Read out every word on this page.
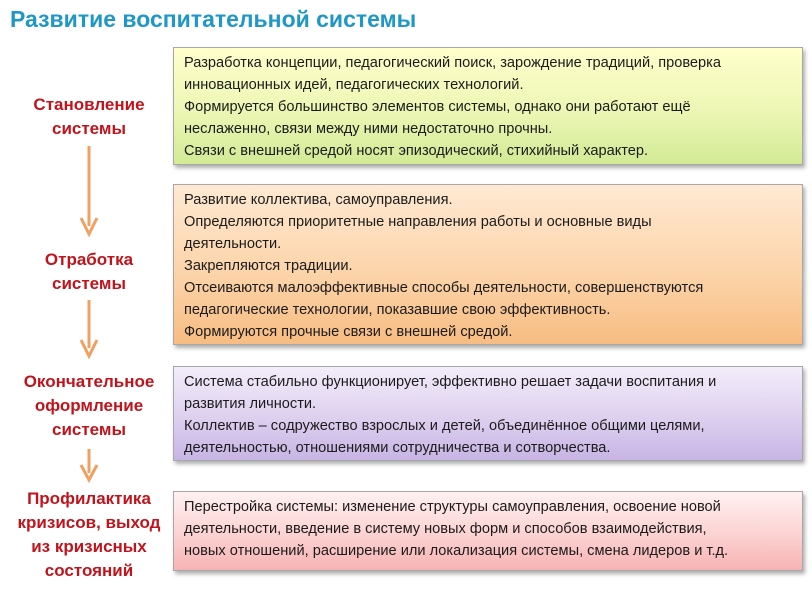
Развитие воспитательной системы
Становление
системы
Отработка
системы
Окончательное
оформление
системы
Профилактика
кризисов, выход
из кризисных
состояний

Разработка концепции, педагогический поиск, зарождение традиций, проверка

инновационных идей, педагогических технологий.

Формируется большинство элементов системы, однако они работают ещё

неслаженно, связи между ними недостаточно прочны.

Связи с внешней средой носят эпизодический, стихийный характер.

Развитие коллектива, самоуправления.

Определяются приоритетные направления работы и основные виды

деятельности.

Закрепляются традиции.

Отсеиваются малоэффективные способы деятельности, совершенствуются

педагогические технологии, показавшие свою эффективность.

Формируются прочные связи с внешней средой.

Система стабильно функционирует, эффективно решает задачи воспитания и

развития личности.

Коллектив – содружество взрослых и детей, объединённое общими целями,

деятельностью, отношениями сотрудничества и сотворчества.

Перестройка системы: изменение структуры самоуправления, освоение новой

деятельности, введение в систему новых форм и способов взаимодействия,

новых отношений, расширение или локализация системы, смена лидеров и т.д.
